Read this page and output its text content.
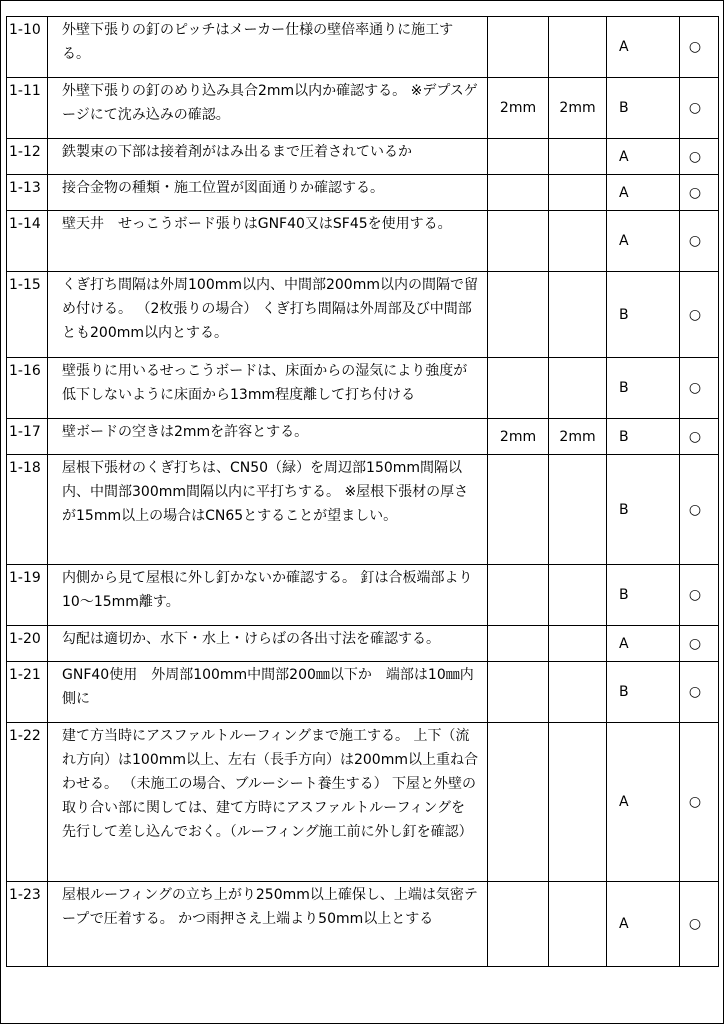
1-10	外壁下張りの釘のピッチはメーカー仕様の壁倍率通りに施工する。			A	○
1-11	外壁下張りの釘のめり込み具合2mm以内か確認する。 ※デプスゲージにて沈み込みの確認。	2mm	2mm	B	○
1-12	鉄製束の下部は接着剤がはみ出るまで圧着されているか			A	○
1-13	接合金物の種類・施工位置が図面通りか確認する。			A	○
1-14	壁天井　せっこうボード張りはGNF40又はSF45を使用する。			A	○
1-15	くぎ打ち間隔は外周100mm以内、中間部200mm以内の間隔で留め付ける。 （2枚張りの場合） くぎ打ち間隔は外周部及び中間部とも200mm以内とする。			B	○
1-16	壁張りに用いるせっこうボードは、床面からの湿気により強度が低下しないように床面から13mm程度離して打ち付ける			B	○
1-17	壁ボードの空きは2mmを許容とする。	2mm	2mm	B	○
1-18	屋根下張材のくぎ打ちは、CN50（緑）を周辺部150mm間隔以内、中間部300mm間隔以内に平打ちする。 ※屋根下張材の厚さが15mm以上の場合はCN65とすることが望ましい。			B	○
1-19	内側から見て屋根に外し釘かないか確認する。 釘は合板端部より10～15mm離す。			B	○
1-20	勾配は適切か、水下・水上・けらばの各出寸法を確認する。			A	○
1-21	GNF40使用　外周部100mm中間部200㎜以下か　端部は10㎜内側に			B	○
1-22	建て方当時にアスファルトルーフィングまで施工する。 上下（流れ方向）は100mm以上、左右（長手方向）は200mm以上重ね合わせる。 （未施工の場合、ブルーシート養生する） 下屋と外壁の取り合い部に関しては、建て方時にアスファルトルーフィングを先行して差し込んでおく。（ルーフィング施工前に外し釘を確認）			A	○
1-23	屋根ルーフィングの立ち上がり250mm以上確保し、上端は気密テープで圧着する。 かつ雨押さえ上端より50mm以上とする			A	○
